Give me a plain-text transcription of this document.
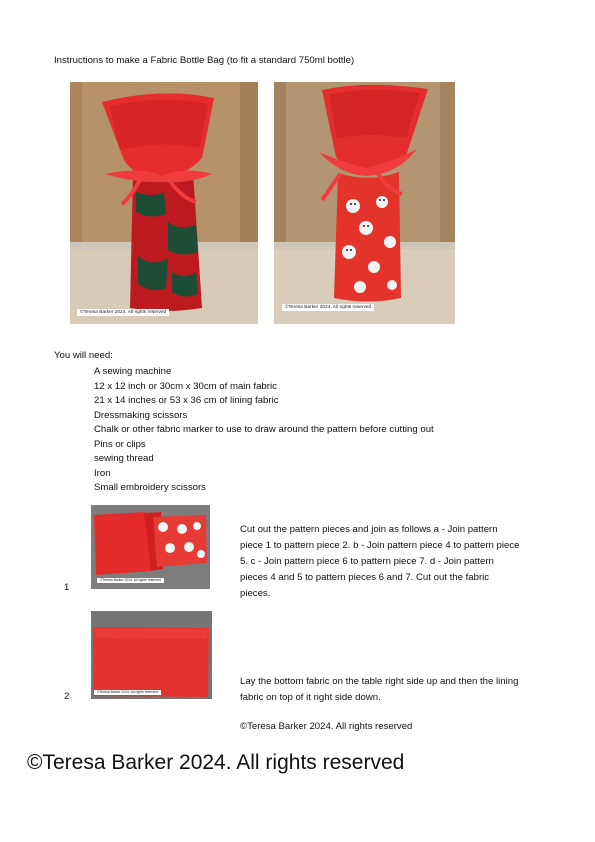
Instructions to make a Fabric Bottle Bag (to fit a standard 750ml bottle)
©Teresa Barker 2024. All rights reserved
©Teresa Barker 2024. All rights reserved
You will need:
A sewing machine
12 x 12 inch or 30cm x 30cm of main fabric
21 x 14 inches or 53 x 36 cm of lining fabric
Dressmaking scissors
Chalk or other fabric marker to use to draw around the pattern before cutting out
Pins or clips
sewing thread
Iron
Small embroidery scissors
1
©Teresa Barker 2024. All rights reserved
Cut out the pattern pieces and join as follows a - Join pattern piece 1 to pattern piece 2. b - Join pattern piece 4 to pattern piece 5. c - Join pattern piece 6 to pattern piece 7. d - Join pattern pieces 4 and 5 to pattern pieces 6 and 7. Cut out the fabric pieces.
2	©Teresa Barker 2024. All rights reserved
Lay the bottom fabric on the table right side up and then the lining fabric on top of it right side down.
©Teresa Barker 2024. All rights reserved
©Teresa Barker 2024. All rights reserved
